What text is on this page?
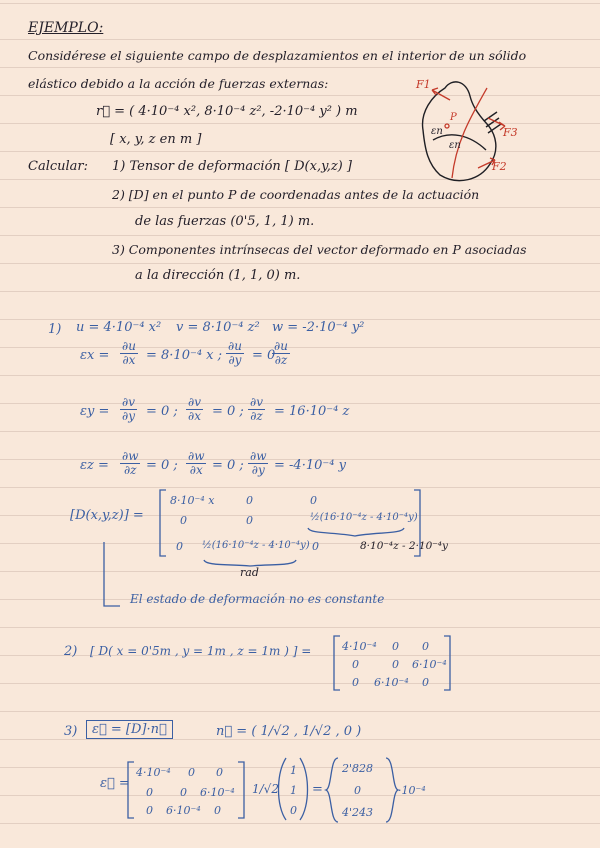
EJEMPLO:
Considérese el siguiente campo de desplazamientos en el interior de un sólido
elástico debido a la acción de fuerzas externas:
r⃗ = ( 4·10⁻⁴ x², 8·10⁻⁴ z², -2·10⁻⁴ y² ) m
[ x, y, z en m ]
F1
F3
F2
P
εn
εn
Calcular: 1) Tensor de deformación [ D(x,y,z) ]
2) [D] en el punto P de coordenadas antes de la actuación
de las fuerzas (0'5, 1, 1) m.
3) Componentes intrínsecas del vector deformado en P asociadas
a la dirección (1, 1, 0) m.
1) u = 4·10⁻⁴ x² v = 8·10⁻⁴ z² w = -2·10⁻⁴ y²
$\varepsilon x = \frac{\partial u}{\partial x} = 8\cdot 10^{-4}$ x ; $\frac{\partial u}{\partial y} = 0$
$\frac{\partial u}{\partial z}$
$\varepsilon y = \frac{\partial v}{\partial y} = 0$ ; $\frac{\partial v}{\partial x} = 0$ ; $\frac{\partial v}{\partial z} = 16\cdot 10^{-4}$ z
$\varepsilon z = \frac{\partial w}{\partial z} = 0$ ; $\frac{\partial w}{\partial x} = 0$ ; $\frac{\partial w}{\partial y} = -4\cdot 10^{-4}$ y
[D(x,y,z)] =
8·10⁻⁴ x	0	0
0	0	½(16·10⁻⁴z - 4·10⁻⁴y)
0 ½(16·10⁻⁴z - 4·10⁻⁴y) 0
rad
8·10⁻⁴z - 2·10⁻⁴y
El estado de deformación no es constante
2) [ D( x = 0'5m , y = 1m , z = 1m ) ] =	4·10⁻⁴ 0 0
0	0 6·10⁻⁴
0 6·10⁻⁴ 0
3)	ε⃗ = [D]·n⃗	n⃗ = ( 1/√2 , 1/√2 , 0 )
ε⃗ =
4·10⁻⁴ 0 0
0 0 6·10⁻⁴
0 6·10⁻⁴ 0
1/√2
1
1
0
=
2'828
0
4'243
·10⁻⁴
